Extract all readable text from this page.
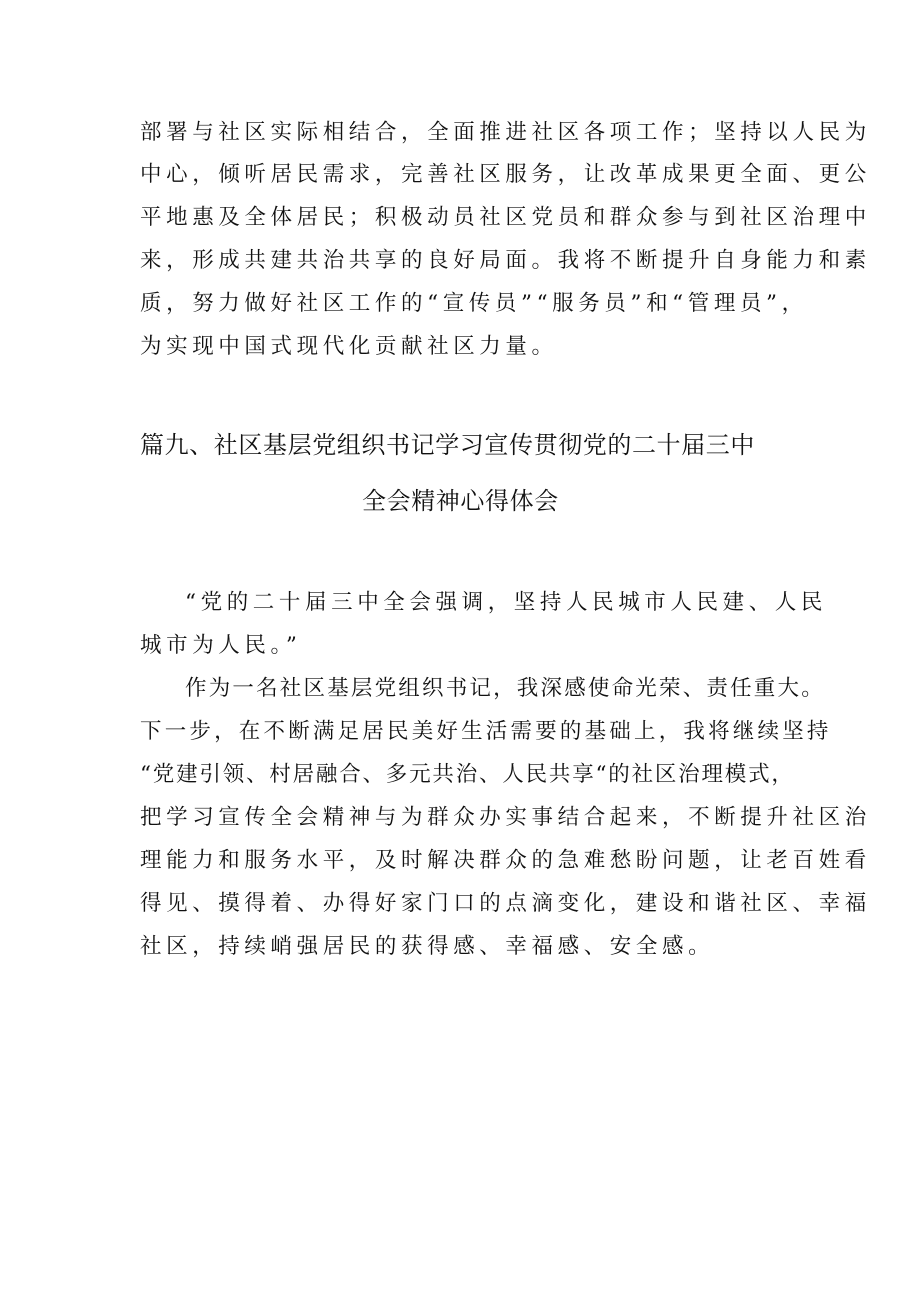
部署与社区实际相结合，全面推进社区各项工作；坚持以人民为
中心，倾听居民需求，完善社区服务，让改革成果更全面、更公
平地惠及全体居民；积极动员社区党员和群众参与到社区治理中
来，形成共建共治共享的良好局面。我将不断提升自身能力和素
质，努力做好社区工作的“宣传员”“服务员”和“管理员”，
为实现中国式现代化贡献社区力量。
篇九、社区基层党组织书记学习宣传贯彻党的二十届三中
全会精神心得体会
“党的二十届三中全会强调，坚持人民城市人民建、人民
城市为人民。”
作为一名社区基层党组织书记，我深感使命光荣、责任重大。
下一步，在不断满足居民美好生活需要的基础上，我将继续坚持
“党建引领、村居融合、多元共治、人民共享“的社区治理模式，
把学习宣传全会精神与为群众办实事结合起来，不断提升社区治
理能力和服务水平，及时解决群众的急难愁盼问题，让老百姓看
得见、摸得着、办得好家门口的点滴变化，建设和谐社区、幸福
社区，持续峭强居民的获得感、幸福感、安全感。
